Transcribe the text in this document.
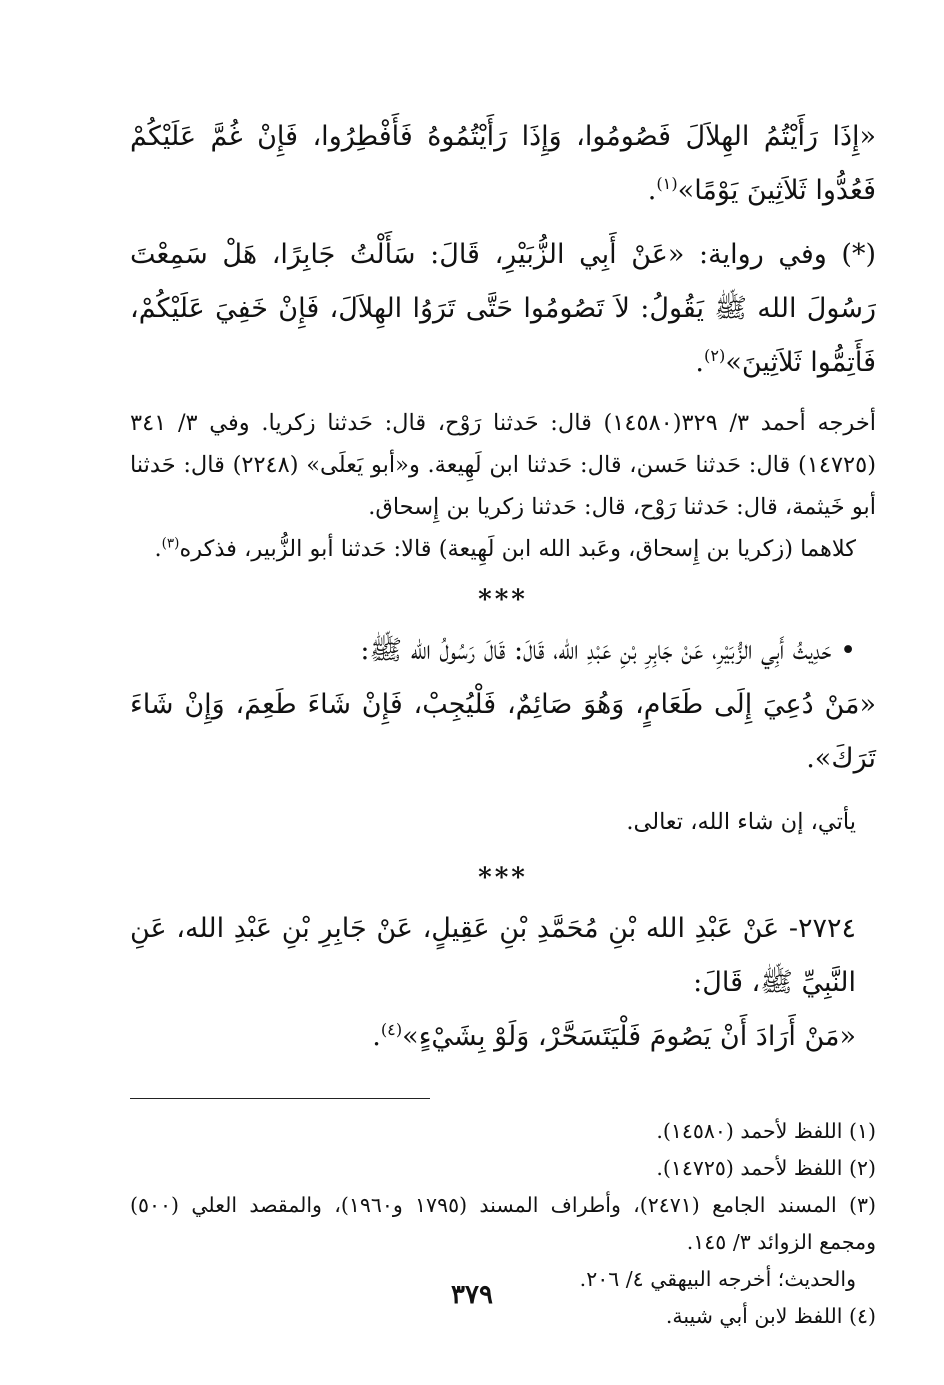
«إِذَا رَأَيْتُمُ الهِلاَلَ فَصُومُوا، وَإِذَا رَأَيْتُمُوهُ فَأَفْطِرُوا، فَإِنْ غُمَّ عَلَيْكُمْ فَعُدُّوا ثَلاَثِينَ يَوْمًا»$^{(١)}$.

(*) وفي رواية: «عَنْ أَبِي الزُّبَيْرِ، قَالَ: سَأَلْتُ جَابِرًا، هَلْ سَمِعْتَ رَسُولَ الله ﷺ يَقُولُ: لاَ تَصُومُوا حَتَّى تَرَوُا الهِلاَلَ، فَإِنْ خَفِيَ عَلَيْكُمْ، فَأَتِمُّوا ثَلاَثِينَ»$^{(٢)}$.

أخرجه أحمد ٣/ ٣٢٩(١٤٥٨٠) قال: حَدثنا رَوْح، قال: حَدثنا زكريا. وفي ٣/ ٣٤١ (١٤٧٢٥) قال: حَدثنا حَسن، قال: حَدثنا ابن لَهِيعة. و«أبو يَعلَى» (٢٢٤٨) قال: حَدثنا أبو خَيثمة، قال: حَدثنا رَوْح، قال: حَدثنا زكريا بن إِسحاق.

كلاهما (زكريا بن إِسحاق، وعَبد الله ابن لَهِيعة) قالا: حَدثنا أبو الزُّبير، فذكره$^{(٣)}$.

***

• حَدِيثُ أَبِي الزُّبَيْرِ، عَنْ جَابِرِ بْنِ عَبْدِ الله، قَالَ: قَالَ رَسُولُ الله ﷺ:

«مَنْ دُعِيَ إِلَى طَعَامٍ، وَهُوَ صَائِمٌ، فَلْيُجِبْ، فَإِنْ شَاءَ طَعِمَ، وَإِنْ شَاءَ تَرَكَ».

يأتي، إن شاء الله، تعالى.

***

٢٧٢٤- عَنْ عَبْدِ الله بْنِ مُحَمَّدِ بْنِ عَقِيلٍ، عَنْ جَابِرِ بْنِ عَبْدِ الله، عَنِ النَّبِيِّ ﷺ، قَالَ:

«مَنْ أَرَادَ أَنْ يَصُومَ فَلْيَتَسَحَّرْ، وَلَوْ بِشَيْءٍ»$^{(٤)}$.

(١) اللفظ لأحمد (١٤٥٨٠).

(٢) اللفظ لأحمد (١٤٧٢٥).

(٣) المسند الجامع (٢٤٧١)، وأطراف المسند (١٧٩٥ و١٩٦٠)، والمقصد العلي (٥٠٠) ومجمع الزوائد ٣/ ١٤٥.

والحديث؛ أخرجه البيهقي ٤/ ٢٠٦.

(٤) اللفظ لابن أبي شيبة.

٣٧٩
